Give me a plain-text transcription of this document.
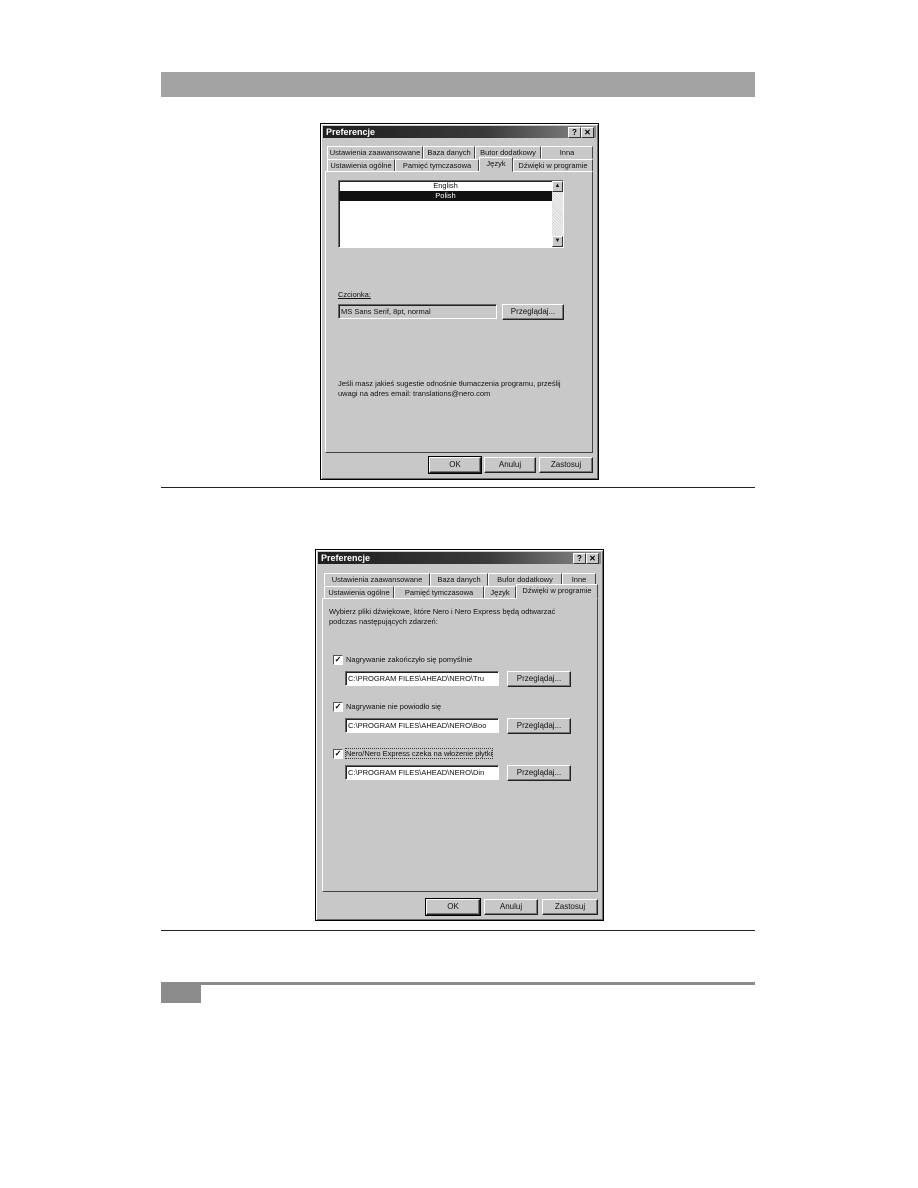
Preferencje	? ✕
Ustawienia zaawansowane Baza danych	Butor dodatkowy	Inna
Ustawienia ogólne	Pamięć tymczasowa	Język	Dźwięki w programie
English
Polish
▲
▼
Czcionka:
MS Sans Serif, 8pt, normal	Przeglądaj...
Jeśli masz jakieś sugestie odnośnie tłumaczenia programu, prześlij
uwagi na adres email: translations@nero.com
OK	Anuluj	Zastosuj
Preferencje	? ✕
Ustawienia zaawansowane	Baza danych	Bufor dodatkowy	Inne
Ustawienia ogólne	Pamięć tymczasowa	Język	Dźwięki w programie
Wybierz pliki dźwiękowe, które Nero i Nero Express będą odtwarzać
podczas następujących zdarzeń:
✓ Nagrywanie zakończyło się pomyślnie
C:\PROGRAM FILES\AHEAD\NERO\Tru	Przeglądaj...
✓ Nagrywanie nie powiodło się
C:\PROGRAM FILES\AHEAD\NERO\Boo	Przeglądaj...
✓ Nero/Nero Express czeka na włożenie płytki
C:\PROGRAM FILES\AHEAD\NERO\Din	Przeglądaj...
OK	Anuluj	Zastosuj
